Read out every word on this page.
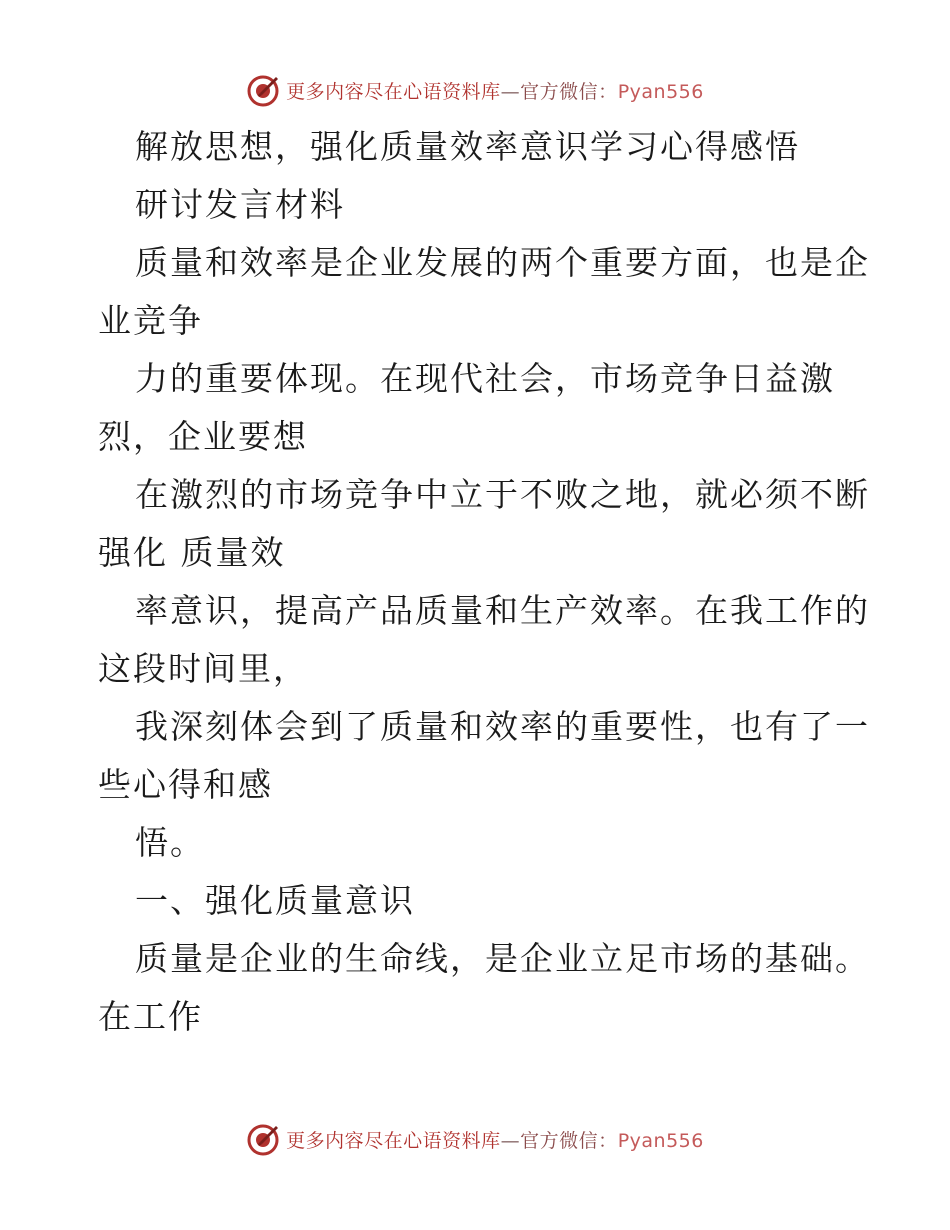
更多内容尽在心语资料库—官方微信：Pyan556
解放思想，强化质量效率意识学习心得感悟
研讨发言材料
质量和效率是企业发展的两个重要方面，也是企
业竞争
力的重要体现。在现代社会，市场竞争日益激
烈，企业要想
在激烈的市场竞争中立于不败之地，就必须不断
强化 质量效
率意识，提高产品质量和生产效率。在我工作的
这段时间里，
我深刻体会到了质量和效率的重要性，也有了一
些心得和感
悟。
一、强化质量意识
质量是企业的生命线，是企业立足市场的基础。
在工作
更多内容尽在心语资料库—官方微信：Pyan556
